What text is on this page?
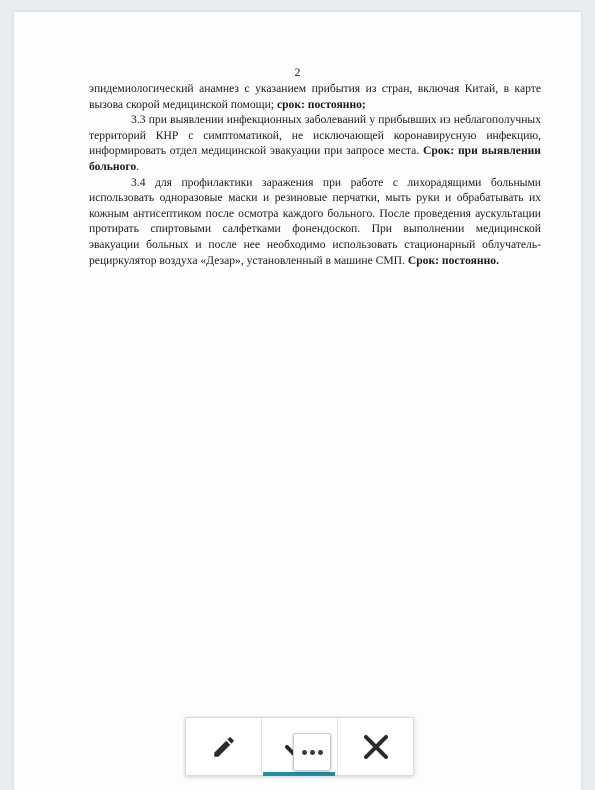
2

эпидемиологический анамнез с указанием прибытия из стран, включая Китай, в карте вызова скорой медицинской помощи; срок: постоянно;

3.3 при выявлении инфекционных заболеваний у прибывших из неблагополучных территорий КНР с симптоматикой, не исключающей коронавирусную инфекцию, информировать отдел медицинской эвакуации при запросе места. Срок: при выявлении больного.

3.4 для профилактики заражения при работе с лихорадящими больными использовать одноразовые маски и резиновые перчатки, мыть руки и обрабатывать их кожным антисептиком после осмотра каждого больного. После проведения аускультации протирать спиртовыми салфетками фонендоскоп. При выполнении медицинской эвакуации больных и после нее необходимо использовать стационарный облучатель-рециркулятор воздуха «Дезар», установленный в машине СМП. Срок: постоянно.
